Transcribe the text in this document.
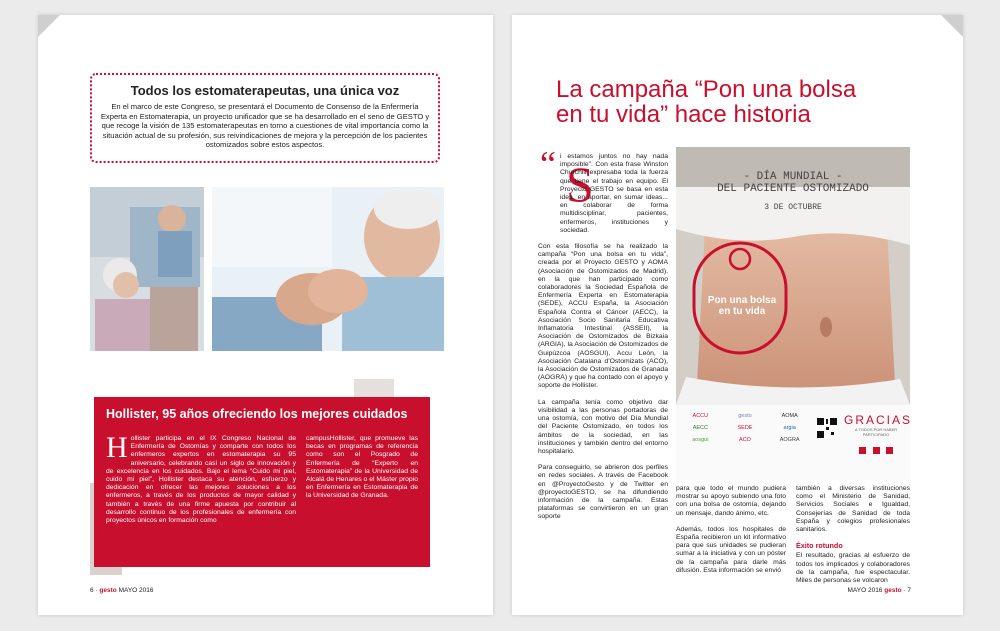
Todos los estomaterapeutas, una única voz

En el marco de este Congreso, se presentará el Documento de Consenso de la Enfermería Experta en Estomaterapia, un proyecto unificador que se ha desarrollado en el seno de GESTO y que recoge la visión de 135 estomaterapeutas en torno a cuestiones de vital importancia como la situación actual de su profesión, sus reivindicaciones de mejora y la percepción de los pacientes ostomizados sobre estos aspectos.

Hollister, 95 años ofreciendo los mejores cuidados
Hollister participa en el IX Congreso Nacional de Enfermería de Ostomías y comparte con todos los enfermeros expertos en estomaterapia su 95 aniversario, celebrando casi un siglo de innovación y de excelencia en los cuidados. Bajo el lema “Cuido mi piel, cuido mi piel”, Hollister destaca su atención, esfuerzo y dedicación en ofrecer las mejores soluciones a los enfermeros, a través de los productos de mayor calidad y también a través de una firme apuesta por contribuir al desarrollo continuo de los profesionales de enfermería con proyectos únicos en formación como
campusHollister, que promueve las becas en programas de referencia como son el Posgrado de Enfermería de “Experto en Estomaterapia” de la Universidad de Alcalá de Henares o el Máster propio en Enfermería en Estomaterapia de la Universidad de Granada.
6 · gesto MAYO 2016
La campaña “Pon una bolsa en tu vida” hace historia
“ S

i estamos juntos no hay nada imposible”. Con esta frase Winston Churchill expresaba toda la fuerza que tiene el trabajo en equipo. El Proyecto GESTO se basa en esta idea, en aportar, en sumar ideas... en colaborar de forma multidisciplinar, pacientes, enfermeros, instituciones y sociedad.

Con esta filosofía se ha realizado la campaña “Pon una bolsa en tu vida”, creada por el Proyecto GESTO y AOMA (Asociación de Ostomizados de Madrid), en la que han participado como colaboradores la Sociedad Española de Enfermería Experta en Estomaterapia (SEDE), ACCU España, la Asociación Española Contra el Cáncer (AECC), la Asociación Socio Sanitaria Educativa Inflamatoria Intestinal (ASSEII), la Asociación de Ostomizados de Bizkaia (ARGIA), la Asociación de Ostomizados de Guipúzcoa (AOSGUI), Accu León, la Asociación Catalana d'Ostomizats (ACO), la Asociación de Ostomizados de Granada (AOGRA) y que ha contado con el apoyo y soporte de Hollister.

La campaña tenía como objetivo dar visibilidad a las personas portadoras de una ostomía, con motivo del Día Mundial del Paciente Ostomizado, en todos los ámbitos de la sociedad, en las instituciones y también dentro del entorno hospitalario.

Para conseguirlo, se abrieron dos perfiles en redes sociales. A través de Facebook en @ProyectoGesto y de Twitter en @proyectoGESTO, se ha difundiendo información de la campaña. Estas plataformas se convirtieron en un gran soporte

- DÍA MUNDIAL -
DEL PACIENTE OSTOMIZADO
3 DE OCTUBRE
Pon una bolsa en tu vida
ACCU	gesto	AOMA
AECC	SEDE	argia
aosgui	ACO	AOGRA
GRACIAS
A TODOS POR HABER PARTICIPADO

para que todo el mundo pudiera mostrar su apoyo subiendo una foto con una bolsa de ostomía, dejando un mensaje, dando ánimo, etc.

Además, todos los hospitales de España recibieron un kit informativo para que sus unidades se pudieran sumar a la iniciativa y con un póster de la campaña para darle más difusión. Esta información se envió

también a diversas instituciones como el Ministerio de Sanidad, Servicios Sociales e Igualdad, Consejerías de Sanidad de toda España y colegios profesionales sanitarios.

Éxito rotundo

El resultado, gracias al esfuerzo de todos los implicados y colaboradores de la campaña, fue espectacular. Miles de personas se volcaron

MAYO 2016 gesto · 7
